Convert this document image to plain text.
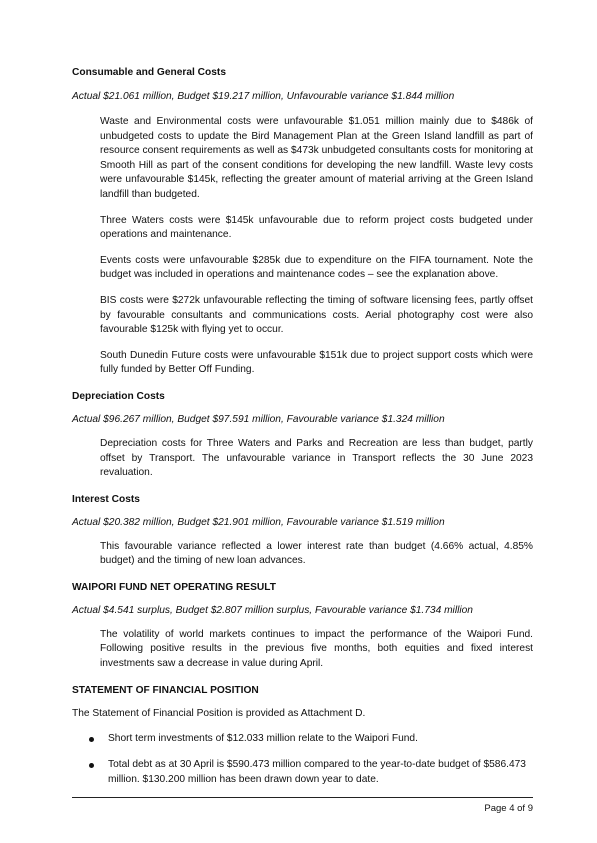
Consumable and General Costs

Actual $21.061 million, Budget $19.217 million, Unfavourable variance $1.844 million

Waste and Environmental costs were unfavourable $1.051 million mainly due to $486k of unbudgeted costs to update the Bird Management Plan at the Green Island landfill as part of resource consent requirements as well as $473k unbudgeted consultants costs for monitoring at Smooth Hill as part of the consent conditions for developing the new landfill. Waste levy costs were unfavourable $145k, reflecting the greater amount of material arriving at the Green Island landfill than budgeted.

Three Waters costs were $145k unfavourable due to reform project costs budgeted under operations and maintenance.

Events costs were unfavourable $285k due to expenditure on the FIFA tournament. Note the budget was included in operations and maintenance codes – see the explanation above.

BIS costs were $272k unfavourable reflecting the timing of software licensing fees, partly offset by favourable consultants and communications costs. Aerial photography cost were also favourable $125k with flying yet to occur.

South Dunedin Future costs were unfavourable $151k due to project support costs which were fully funded by Better Off Funding.

Depreciation Costs

Actual $96.267 million, Budget $97.591 million, Favourable variance $1.324 million

Depreciation costs for Three Waters and Parks and Recreation are less than budget, partly offset by Transport. The unfavourable variance in Transport reflects the 30 June 2023 revaluation.

Interest Costs

Actual $20.382 million, Budget $21.901 million, Favourable variance $1.519 million

This favourable variance reflected a lower interest rate than budget (4.66% actual, 4.85% budget) and the timing of new loan advances.

WAIPORI FUND NET OPERATING RESULT

Actual $4.541 surplus, Budget $2.807 million surplus, Favourable variance $1.734 million

The volatility of world markets continues to impact the performance of the Waipori Fund. Following positive results in the previous five months, both equities and fixed interest investments saw a decrease in value during April.

STATEMENT OF FINANCIAL POSITION

The Statement of Financial Position is provided as Attachment D.

Short term investments of $12.033 million relate to the Waipori Fund.
Total debt as at 30 April is $590.473 million compared to the year-to-date budget of $586.473 million. $130.200 million has been drawn down year to date.
Page 4 of 9
